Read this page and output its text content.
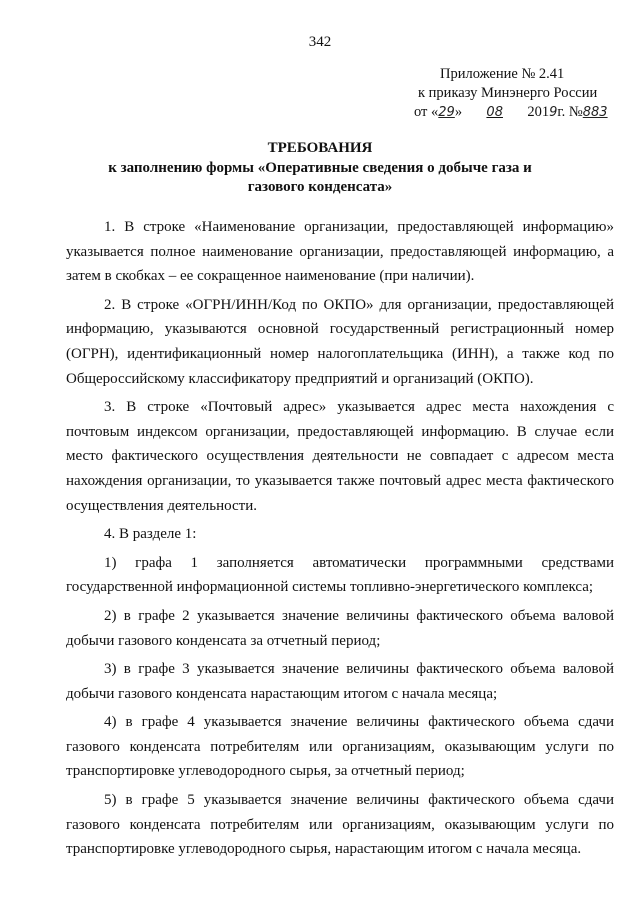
342
Приложение № 2.41
к приказу Минэнерго России
от «29» 08 2019г. №883
ТРЕБОВАНИЯ
к заполнению формы «Оперативные сведения о добыче газа и
газового конденсата»

1. В строке «Наименование организации, предоставляющей информацию» указывается полное наименование организации, предоставляющей информацию, а затем в скобках – ее сокращенное наименование (при наличии).

2. В строке «ОГРН/ИНН/Код по ОКПО» для организации, предоставляющей информацию, указываются основной государственный регистрационный номер (ОГРН), идентификационный номер налогоплательщика (ИНН), а также код по Общероссийскому классификатору предприятий и организаций (ОКПО).

3. В строке «Почтовый адрес» указывается адрес места нахождения с почтовым индексом организации, предоставляющей информацию. В случае если место фактического осуществления деятельности не совпадает с адресом места нахождения организации, то указывается также почтовый адрес места фактического осуществления деятельности.

4. В разделе 1:

1) графа 1 заполняется автоматически программными средствами государственной информационной системы топливно-энергетического комплекса;

2) в графе 2 указывается значение величины фактического объема валовой добычи газового конденсата за отчетный период;

3) в графе 3 указывается значение величины фактического объема валовой добычи газового конденсата нарастающим итогом с начала месяца;

4) в графе 4 указывается значение величины фактического объема сдачи газового конденсата потребителям или организациям, оказывающим услуги по транспортировке углеводородного сырья, за отчетный период;

5) в графе 5 указывается значение величины фактического объема сдачи газового конденсата потребителям или организациям, оказывающим услуги по транспортировке углеводородного сырья, нарастающим итогом с начала месяца.
